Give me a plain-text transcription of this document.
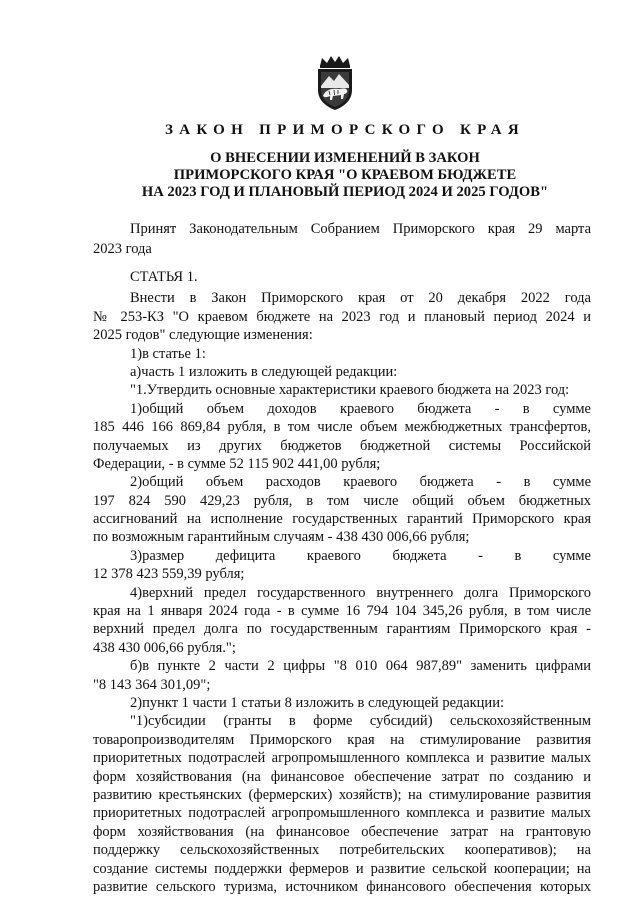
ЗАКОН ПРИМОРСКОГО КРАЯ
О ВНЕСЕНИИ ИЗМЕНЕНИЙ В ЗАКОН
ПРИМОРСКОГО КРАЯ "О КРАЕВОМ БЮДЖЕТЕ
НА 2023 ГОД И ПЛАНОВЫЙ ПЕРИОД 2024 И 2025 ГОДОВ"
Принят Законодательным Собранием Приморского края 29 марта
2023 года
СТАТЬЯ 1.
Внести в Закон Приморского края от 20 декабря 2022 года
№ 253-КЗ "О краевом бюджете на 2023 год и плановый период 2024 и
2025 годов" следующие изменения:
1)в статье 1:
а)часть 1 изложить в следующей редакции:
"1.Утвердить основные характеристики краевого бюджета на 2023 год:
1)общий объем доходов краевого бюджета - в сумме
185 446 166 869,84 рубля, в том числе объем межбюджетных трансфертов,
получаемых из других бюджетов бюджетной системы Российской
Федерации, - в сумме 52 115 902 441,00 рубля;
2)общий объем расходов краевого бюджета - в сумме
197 824 590 429,23 рубля, в том числе общий объем бюджетных
ассигнований на исполнение государственных гарантий Приморского края
по возможным гарантийным случаям - 438 430 006,66 рубля;
3)размер дефицита краевого бюджета - в сумме
12 378 423 559,39 рубля;
4)верхний предел государственного внутреннего долга Приморского
края на 1 января 2024 года - в сумме 16 794 104 345,26 рубля, в том числе
верхний предел долга по государственным гарантиям Приморского края -
438 430 006,66 рубля.";
б)в пункте 2 части 2 цифры "8 010 064 987,89" заменить цифрами
"8 143 364 301,09";
2)пункт 1 части 1 статьи 8 изложить в следующей редакции:
"1)субсидии (гранты в форме субсидий) сельскохозяйственным
товаропроизводителям Приморского края на стимулирование развития
приоритетных подотраслей агропромышленного комплекса и развитие малых
форм хозяйствования (на финансовое обеспечение затрат по созданию и
развитию крестьянских (фермерских) хозяйств); на стимулирование развития
приоритетных подотраслей агропромышленного комплекса и развитие малых
форм хозяйствования (на финансовое обеспечение затрат на грантовую
поддержку сельскохозяйственных потребительских кооперативов); на
создание системы поддержки фермеров и развитие сельской кооперации; на
развитие сельского туризма, источником финансового обеспечения которых
